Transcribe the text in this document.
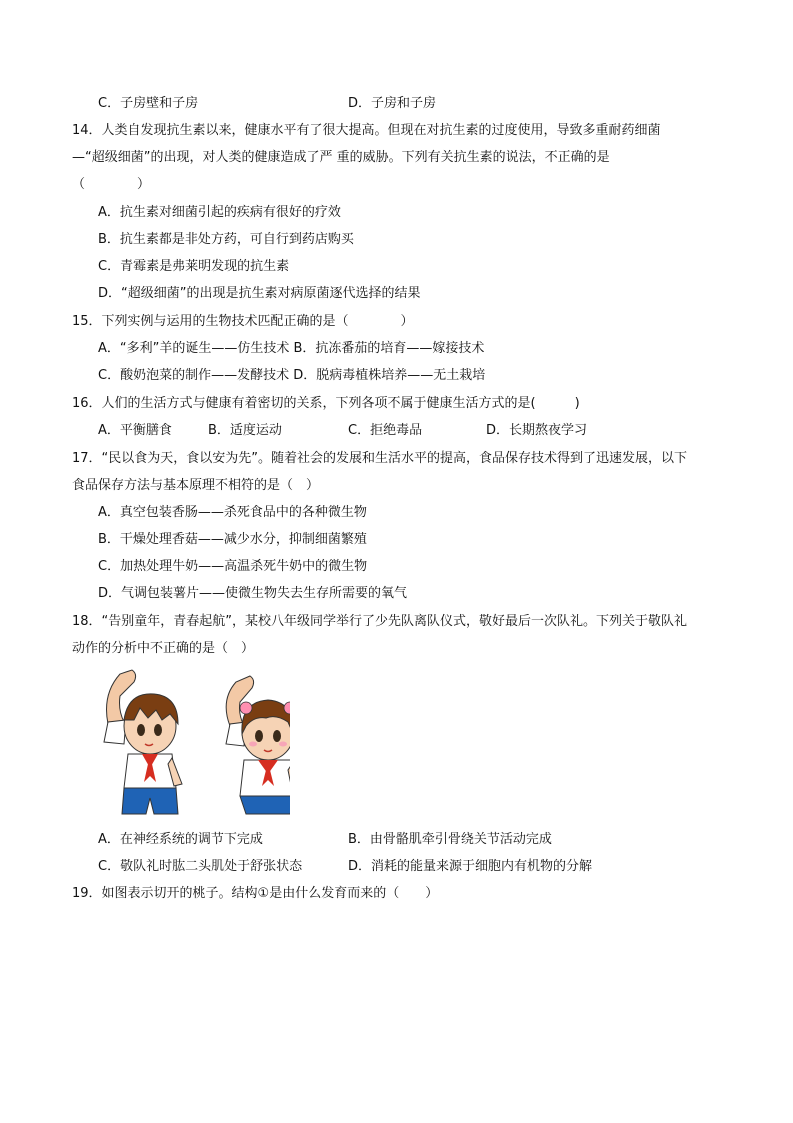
C．子房壁和子房	D．子房和子房
14．人类自发现抗生素以来，健康水平有了很大提高。但现在对抗生素的过度使用，导致多重耐药细菌
—“超级细菌”的出现，对人类的健康造成了严 重的威胁。下列有关抗生素的说法，不正确的是
（　　　　）
A．抗生素对细菌引起的疾病有很好的疗效
B．抗生素都是非处方药，可自行到药店购买
C．青霉素是弗莱明发现的抗生素
D．“超级细菌”的出现是抗生素对病原菌逐代选择的结果
15．下列实例与运用的生物技术匹配正确的是（　　　　）
A．“多利”羊的诞生——仿生技术 B．抗冻番茄的培育——嫁接技术
C．酸奶泡菜的制作——发酵技术 D．脱病毒植株培养——无土栽培
16．人们的生活方式与健康有着密切的关系，下列各项不属于健康生活方式的是(　　　)
A．平衡膳食	B．适度运动	C．拒绝毒品	D．长期熬夜学习
17．“民以食为天，食以安为先”。随着社会的发展和生活水平的提高，食品保存技术得到了迅速发展，以下
食品保存方法与基本原理不相符的是（　）
A．真空包装香肠——杀死食品中的各种微生物
B．干燥处理香菇——减少水分，抑制细菌繁殖
C．加热处理牛奶——高温杀死牛奶中的微生物
D．气调包装薯片——使微生物失去生存所需要的氧气
18．“告别童年，青春起航”，某校八年级同学举行了少先队离队仪式，敬好最后一次队礼。下列关于敬队礼
动作的分析中不正确的是（　）
A．在神经系统的调节下完成	B．由骨骼肌牵引骨绕关节活动完成
C．敬队礼时肱二头肌处于舒张状态	D．消耗的能量来源于细胞内有机物的分解
19．如图表示切开的桃子。结构①是由什么发育而来的（　　）
